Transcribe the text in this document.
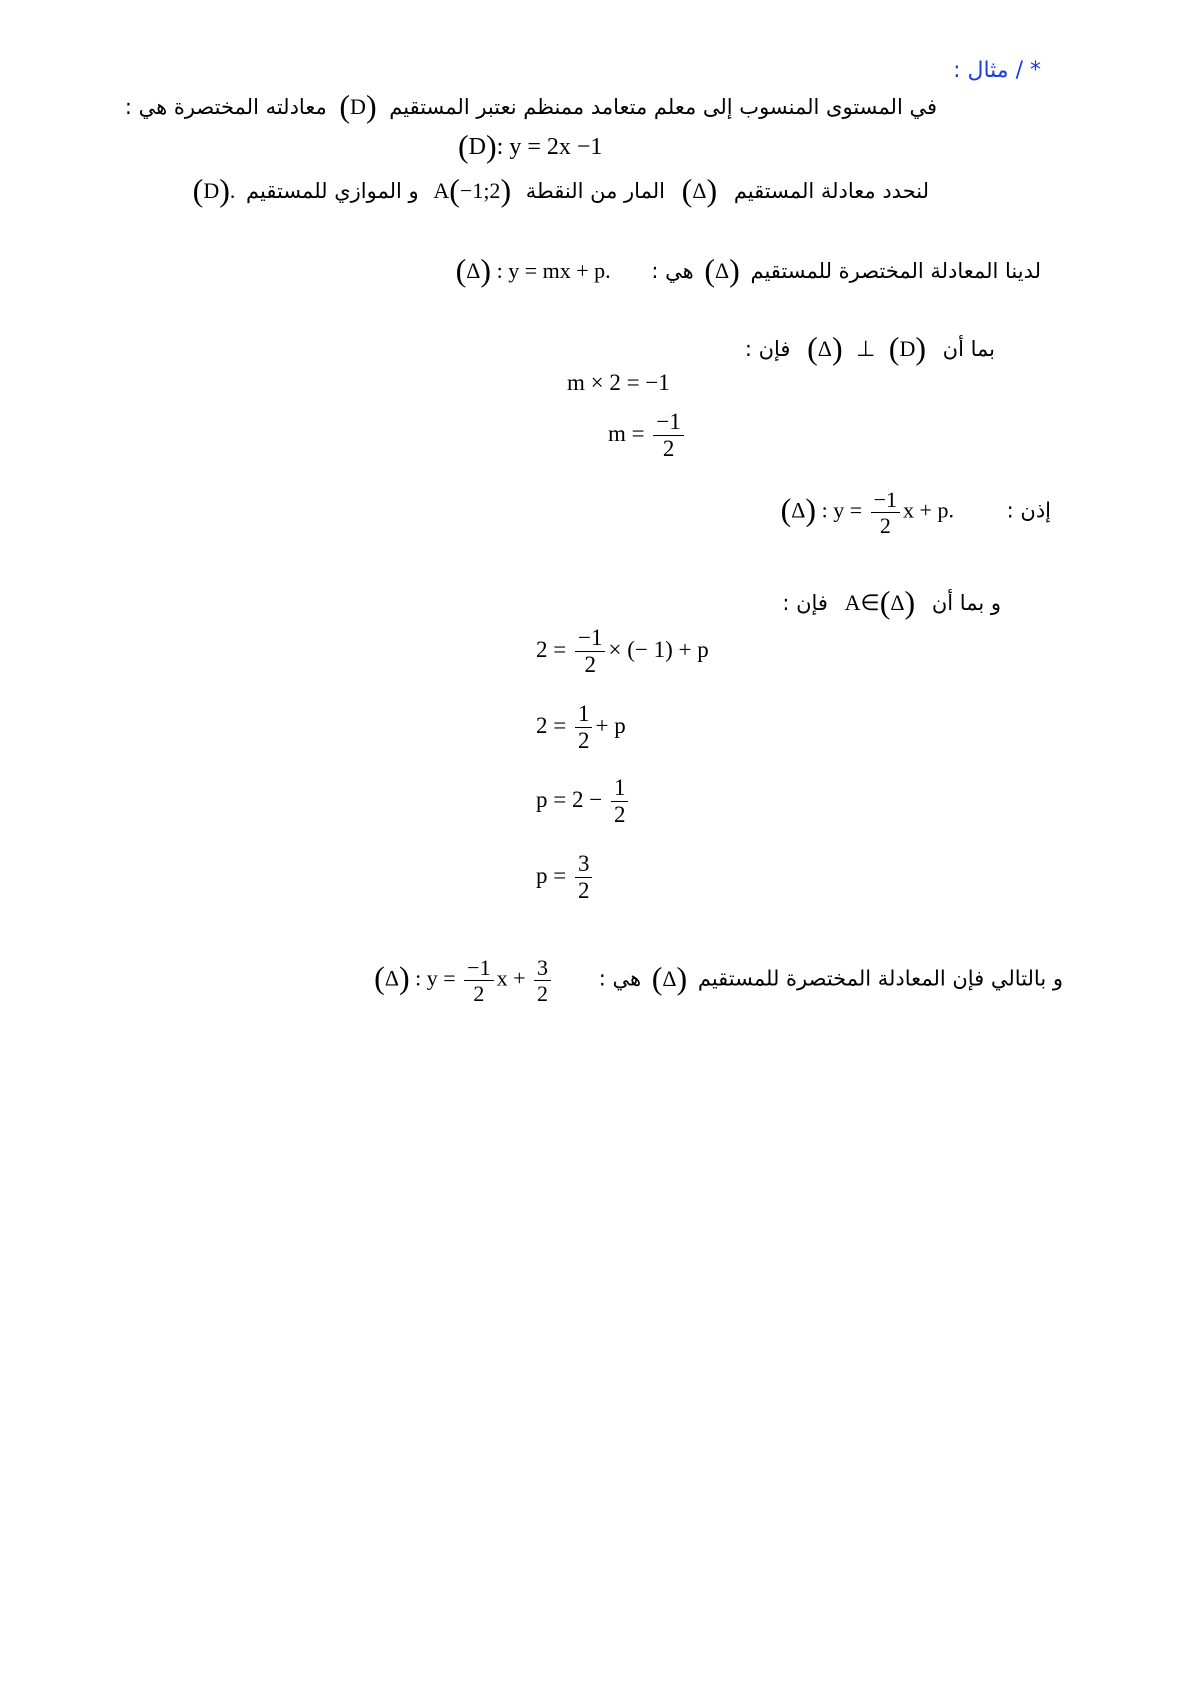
* / مثال :
في المستوى المنسوب إلى معلم متعامد ممنظم نعتبر المستقيم (D) معادلته المختصرة هي :
(D): y = 2x −1
لنحدد معادلة المستقيم (Δ) المار من النقطة A(−1;2) و الموازي للمستقيم (D).
لدينا المعادلة المختصرة للمستقيم (Δ) هي : (Δ) : y = mx + p.
بما أن (Δ) ⊥ (D) فإن :
m × 2 = −1
$m = \frac{-1}{2}$
إذن : (Δ) : $y = \frac{-1}{2}$ x + p.
و بما أن A∈(Δ) فإن :
$2 = \frac{-1}{2}$ × (− 1) + p
$2 = \frac{1}{2} + p$
$p = 2 - \frac{1}{2}$
$p = \frac{3}{2}$
و بالتالي فإن المعادلة المختصرة للمستقيم (Δ) هي : (Δ) : $y = \frac{-1}{2}$ $x + \frac{3}{2}$
